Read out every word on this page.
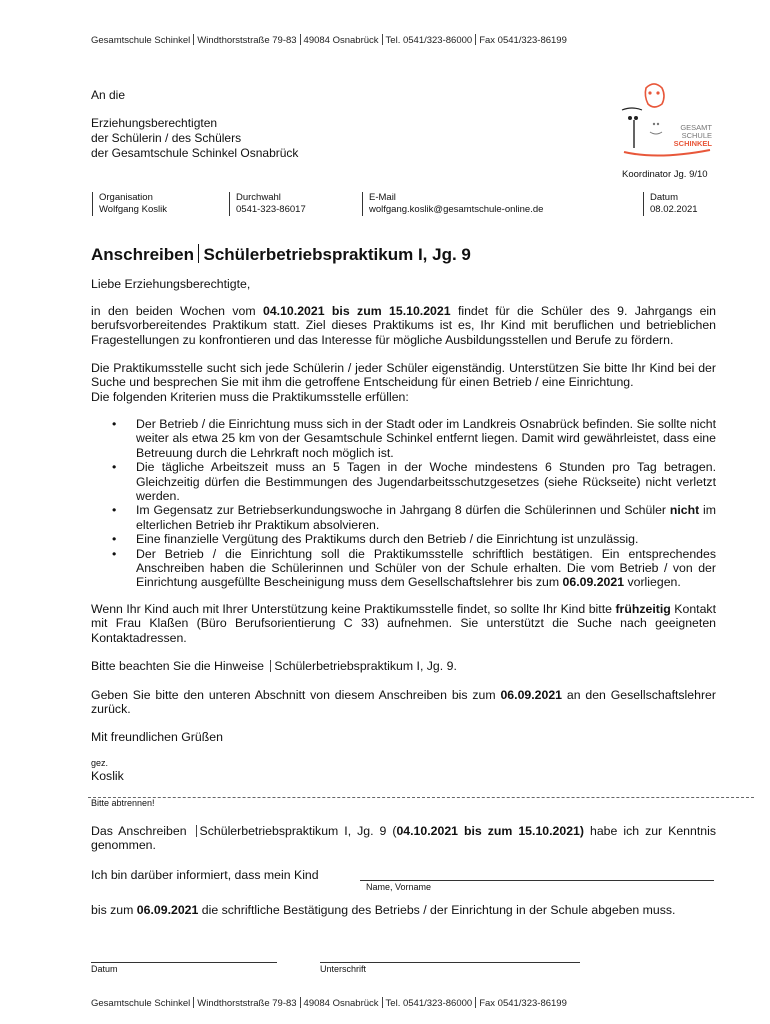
Gesamtschule Schinkel Windthorststraße 79-83 49084 Osnabrück Tel. 0541/323-86000 Fax 0541/323-86199
An die
Erziehungsberechtigten
der Schülerin / des Schülers
der Gesamtschule Schinkel Osnabrück
GESAMT
SCHULE
SCHINKEL
Koordinator Jg. 9/10
Organisation
Wolfgang Koslik
Durchwahl
0541-323-86017
E-Mail
wolfgang.koslik@gesamtschule-online.de
Datum
08.02.2021
Anschreiben Schülerbetriebspraktikum I, Jg. 9
Liebe Erziehungsberechtigte,
in den beiden Wochen vom 04.10.2021 bis zum 15.10.2021 findet für die Schüler des 9. Jahrgangs ein berufsvorbereitendes Praktikum statt. Ziel dieses Praktikums ist es, Ihr Kind mit beruflichen und betrieblichen Fragestellungen zu konfrontieren und das Interesse für mögliche Ausbildungsstellen und Berufe zu fördern.
Die Praktikumsstelle sucht sich jede Schülerin / jeder Schüler eigenständig. Unterstützen Sie bitte Ihr Kind bei der Suche und besprechen Sie mit ihm die getroffene Entscheidung für einen Betrieb / eine Einrichtung.
Die folgenden Kriterien muss die Praktikumsstelle erfüllen:
• Der Betrieb / die Einrichtung muss sich in der Stadt oder im Landkreis Osnabrück befinden. Sie sollte nicht weiter als etwa 25 km von der Gesamtschule Schinkel entfernt liegen. Damit wird gewährleistet, dass eine Betreuung durch die Lehrkraft noch möglich ist.
• Die tägliche Arbeitszeit muss an 5 Tagen in der Woche mindestens 6 Stunden pro Tag betragen. Gleichzeitig dürfen die Bestimmungen des Jugendarbeitsschutzgesetzes (siehe Rückseite) nicht verletzt werden.
• Im Gegensatz zur Betriebserkundungswoche in Jahrgang 8 dürfen die Schülerinnen und Schüler nicht im elterlichen Betrieb ihr Praktikum absolvieren.
• Eine finanzielle Vergütung des Praktikums durch den Betrieb / die Einrichtung ist unzulässig.
• Der Betrieb / die Einrichtung soll die Praktikumsstelle schriftlich bestätigen. Ein entsprechendes Anschreiben haben die Schülerinnen und Schüler von der Schule erhalten. Die vom Betrieb / von der Einrichtung ausgefüllte Bescheinigung muss dem Gesellschaftslehrer bis zum 06.09.2021 vorliegen.
Wenn Ihr Kind auch mit Ihrer Unterstützung keine Praktikumsstelle findet, so sollte Ihr Kind bitte frühzeitig Kontakt mit Frau Klaßen (Büro Berufsorientierung C 33) aufnehmen. Sie unterstützt die Suche nach geeigneten Kontaktadressen.
Bitte beachten Sie die Hinweise Schülerbetriebspraktikum I, Jg. 9.
Geben Sie bitte den unteren Abschnitt von diesem Anschreiben bis zum 06.09.2021 an den Gesellschaftslehrer zurück.
Mit freundlichen Grüßen
gez.
Koslik
Bitte abtrennen!
Das Anschreiben Schülerbetriebspraktikum I, Jg. 9 (04.10.2021 bis zum 15.10.2021) habe ich zur Kenntnis genommen.
Ich bin darüber informiert, dass mein Kind
Name, Vorname
bis zum 06.09.2021 die schriftliche Bestätigung des Betriebs / der Einrichtung in der Schule abgeben muss.
Datum	Unterschrift
Gesamtschule Schinkel Windthorststraße 79-83 49084 Osnabrück Tel. 0541/323-86000 Fax 0541/323-86199
